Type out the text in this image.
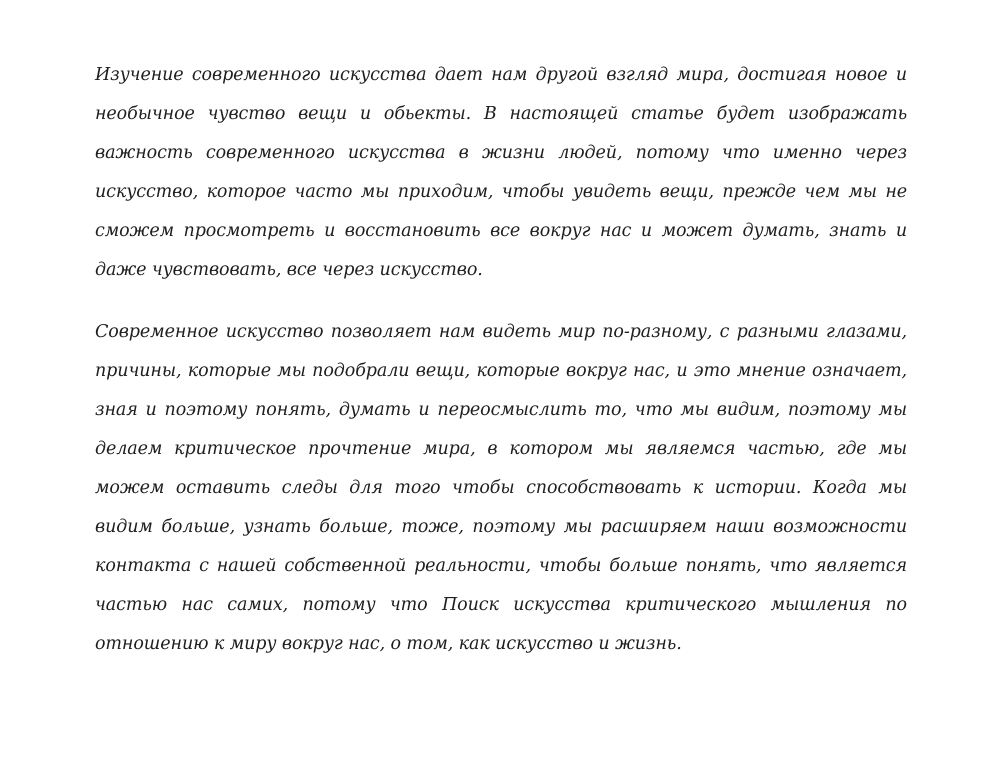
Изучение современного искусства дает нам другой взгляд мира, достигая новое и необычное чувство вещи и обьекты. В настоящей статье будет изображать важность современного искусства в жизни людей, потому что именно через искусство, которое часто мы приходим, чтобы увидеть вещи, прежде чем мы не сможем просмотреть и восстановить все вокруг нас и может думать, знать и даже чувствовать, все через искусство.

Современное искусство позволяет нам видеть мир по-разному, с разными глазами, причины, которые мы подобрали вещи, которые вокруг нас, и это мнение означает, зная и поэтому понять, думать и переосмыслить то, что мы видим, поэтому мы делаем критическое прочтение мира, в котором мы являемся частью, где мы можем оставить следы для того чтобы способствовать к истории. Когда мы видим больше, узнать больше, тоже, поэтому мы расширяем наши возможности контакта с нашей собственной реальности, чтобы больше понять, что является частью нас самих, потому что Поиск искусства критического мышления по отношению к миру вокруг нас, о том, как искусство и жизнь.
